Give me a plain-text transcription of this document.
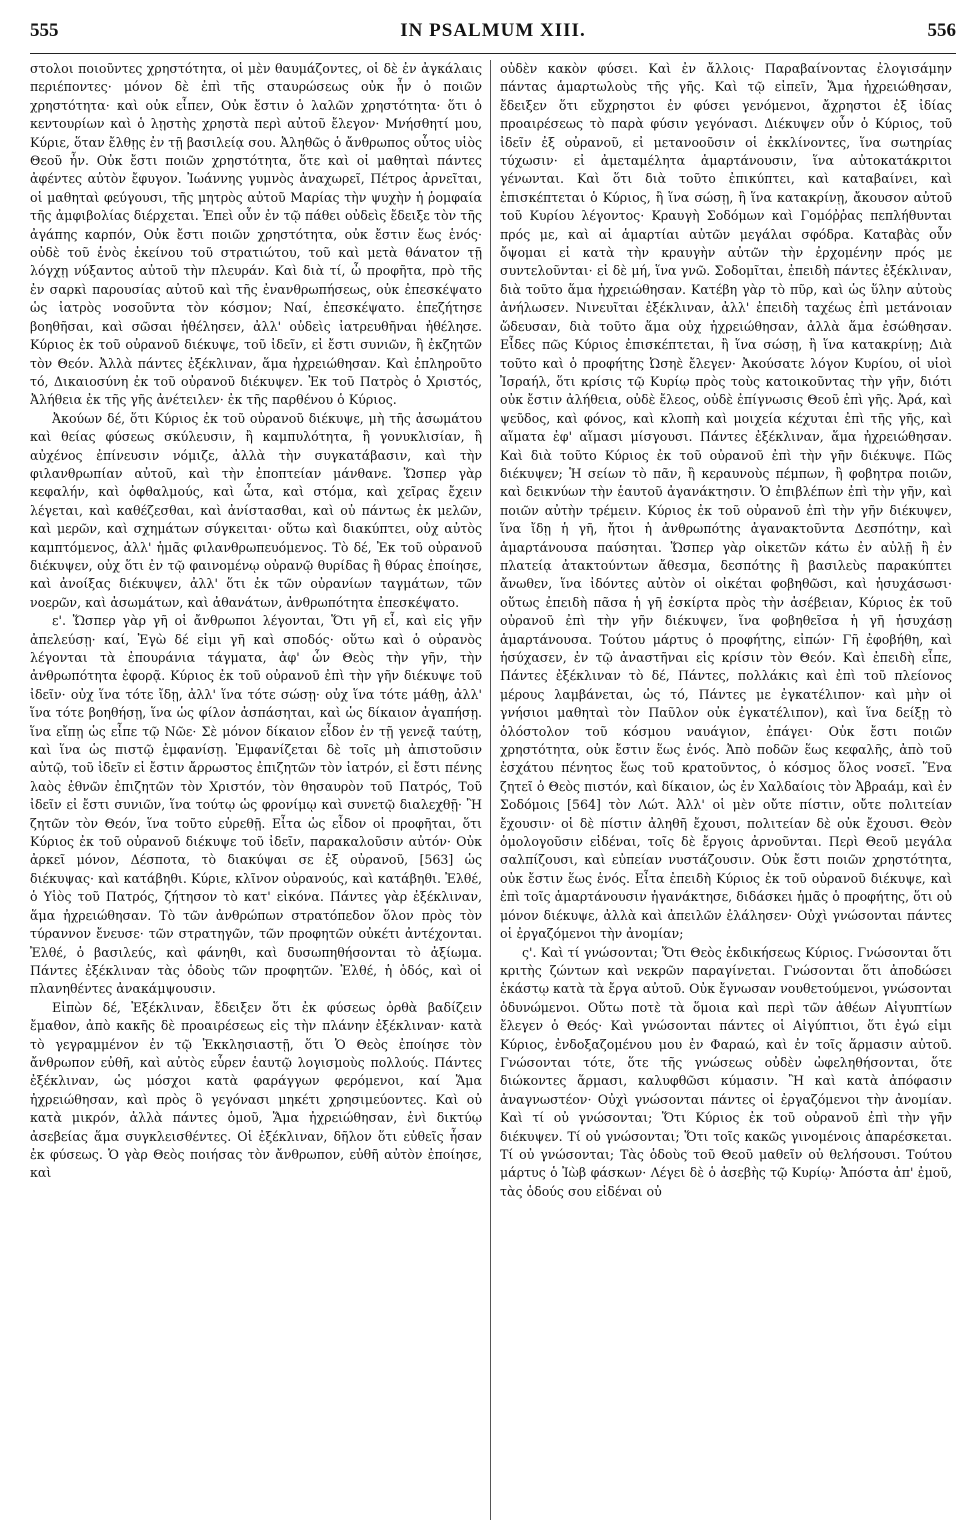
555	IN PSALMUM XIII.	556

στολοι ποιοῦντες χρηστότητα, οἱ μὲν θαυμάζοντες, οἱ δὲ ἐν ἀγκάλαις περιέποντες· μόνον δὲ ἐπὶ τῆς σταυρώσεως οὐκ ἦν ὁ ποιῶν χρηστότητα· καὶ οὐκ εἶπεν, Οὐκ ἔστιν ὁ λαλῶν χρηστότητα· ὅτι ὁ κεντουρίων καὶ ὁ λῃστὴς χρηστὰ περὶ αὐτοῦ ἔλεγον· Μνήσθητί μου, Κύριε, ὅταν ἔλθῃς ἐν τῇ βασιλείᾳ σου. Ἀληθῶς ὁ ἄνθρωπος οὗτος υἱὸς Θεοῦ ἦν. Οὐκ ἔστι ποιῶν χρηστότητα, ὅτε καὶ οἱ μαθηταὶ πάντες ἀφέντες αὐτὸν ἔφυγον. Ἰωάννης γυμνὸς ἀναχωρεῖ, Πέτρος ἀρνεῖται, οἱ μαθηταὶ φεύγουσι, τῆς μητρὸς αὐτοῦ Μαρίας τὴν ψυχὴν ἡ ῥομφαία τῆς ἀμφιβολίας διέρχεται. Ἐπεὶ οὖν ἐν τῷ πάθει οὐδεὶς ἔδειξε τὸν τῆς ἀγάπης καρπόν, Οὐκ ἔστι ποιῶν χρηστότητα, οὐκ ἔστιν ἕως ἑνός· οὐδὲ τοῦ ἑνὸς ἐκείνου τοῦ στρατιώτου, τοῦ καὶ μετὰ θάνατον τῇ λόγχῃ νύξαντος αὐτοῦ τὴν πλευράν. Καὶ διὰ τί, ὦ προφῆτα, πρὸ τῆς ἐν σαρκὶ παρουσίας αὐτοῦ καὶ τῆς ἐνανθρωπήσεως, οὐκ ἐπεσκέψατο ὡς ἰατρὸς νοσοῦντα τὸν κόσμον; Ναί, ἐπεσκέψατο. ἐπεζήτησε βοηθῆσαι, καὶ σῶσαι ἠθέλησεν, ἀλλ' οὐδεὶς ἰατρευθῆναι ἠθέλησε. Κύριος ἐκ τοῦ οὐρανοῦ διέκυψε, τοῦ ἰδεῖν, εἰ ἔστι συνιῶν, ἢ ἐκζητῶν τὸν Θεόν. Ἀλλὰ πάντες ἐξέκλιναν, ἅμα ἠχρειώθησαν. Καὶ ἐπληροῦτο τό, Δικαιοσύνη ἐκ τοῦ οὐρανοῦ διέκυψεν. Ἐκ τοῦ Πατρὸς ὁ Χριστός, Ἀλήθεια ἐκ τῆς γῆς ἀνέτειλεν· ἐκ τῆς παρθένου ὁ Κύριος.

Ἀκούων δέ, ὅτι Κύριος ἐκ τοῦ οὐρανοῦ διέκυψε, μὴ τῆς ἀσωμάτου καὶ θείας φύσεως σκύλευσιν, ἢ καμπυλότητα, ἢ γονυκλισίαν, ἢ αὐχένος ἐπίνευσιν νόμιζε, ἀλλὰ τὴν συγκατάβασιν, καὶ τὴν φιλανθρωπίαν αὐτοῦ, καὶ τὴν ἐποπτείαν μάνθανε. Ὥσπερ γὰρ κεφαλήν, καὶ ὀφθαλμούς, καὶ ὦτα, καὶ στόμα, καὶ χεῖρας ἔχειν λέγεται, καὶ καθέζεσθαι, καὶ ἀνίστασθαι, καὶ οὐ πάντως ἐκ μελῶν, καὶ μερῶν, καὶ σχημάτων σύγκειται· οὕτω καὶ διακύπτει, οὐχ αὐτὸς καμπτόμενος, ἀλλ' ἡμᾶς φιλανθρωπευόμενος. Τὸ δέ, Ἐκ τοῦ οὐρανοῦ διέκυψεν, οὐχ ὅτι ἐν τῷ φαινομένῳ οὐρανῷ θυρίδας ἢ θύρας ἐποίησε, καὶ ἀνοίξας διέκυψεν, ἀλλ' ὅτι ἐκ τῶν οὐρανίων ταγμάτων, τῶν νοερῶν, καὶ ἀσωμάτων, καὶ ἀθανάτων, ἀνθρωπότητα ἐπεσκέψατο.

ε'. Ὥσπερ γὰρ γῆ οἱ ἄνθρωποι λέγονται, Ὅτι γῆ εἶ, καὶ εἰς γῆν ἀπελεύσῃ· καί, Ἐγὼ δέ εἰμι γῆ καὶ σποδός· οὕτω καὶ ὁ οὐρανὸς λέγονται τὰ ἐπουράνια τάγματα, ἀφ' ὧν Θεὸς τὴν γῆν, τὴν ἀνθρωπότητα ἐφορᾷ. Κύριος ἐκ τοῦ οὐρανοῦ ἐπὶ τὴν γῆν διέκυψε τοῦ ἰδεῖν· οὐχ ἵνα τότε ἴδῃ, ἀλλ' ἵνα τότε σώσῃ· οὐχ ἵνα τότε μάθῃ, ἀλλ' ἵνα τότε βοηθήσῃ, ἵνα ὡς φίλον ἀσπάσηται, καὶ ὡς δίκαιον ἀγαπήσῃ. ἵνα εἴπῃ ὡς εἶπε τῷ Νῶε· Σὲ μόνον δίκαιον εἶδον ἐν τῇ γενεᾷ ταύτῃ, καὶ ἵνα ὡς πιστῷ ἐμφανίσῃ. Ἐμφανίζεται δὲ τοῖς μὴ ἀπιστοῦσιν αὐτῷ, τοῦ ἰδεῖν εἰ ἔστιν ἄρρωστος ἐπιζητῶν τὸν ἰατρόν, εἰ ἔστι πένης λαὸς ἐθνῶν ἐπιζητῶν τὸν Χριστόν, τὸν θησαυρὸν τοῦ Πατρός, Τοῦ ἰδεῖν εἰ ἔστι συνιῶν, ἵνα τούτῳ ὡς φρονίμῳ καὶ συνετῷ διαλεχθῇ· Ἢ ζητῶν τὸν Θεόν, ἵνα τοῦτο εὑρεθῇ. Εἶτα ὡς εἶδον οἱ προφῆται, ὅτι Κύριος ἐκ τοῦ οὐρανοῦ διέκυψε τοῦ ἰδεῖν, παρακαλοῦσιν αὐτόν· Οὐκ ἀρκεῖ μόνον, Δέσποτα, τὸ διακύψαι σε ἐξ οὐρανοῦ, [563] ὡς διέκυψας· καὶ κατάβηθι. Κύριε, κλῖνον οὐρανούς, καὶ κατάβηθι. Ἐλθέ, ὁ Υἱὸς τοῦ Πατρός, ζήτησον τὸ κατ' εἰκόνα. Πάντες γὰρ ἐξέκλιναν, ἅμα ἠχρειώθησαν. Τὸ τῶν ἀνθρώπων στρατόπεδον ὅλον πρὸς τὸν τύραννον ἔνευσε· τῶν στρατηγῶν, τῶν προφητῶν οὐκέτι ἀντέχονται. Ἐλθέ, ὁ βασιλεύς, καὶ φάνηθι, καὶ δυσωπηθήσονται τὸ ἀξίωμα. Πάντες ἐξέκλιναν τὰς ὁδοὺς τῶν προφητῶν. Ἐλθέ, ἡ ὁδός, καὶ οἱ πλανηθέντες ἀνακάμψουσιν.

Εἰπὼν δέ, Ἐξέκλιναν, ἔδειξεν ὅτι ἐκ φύσεως ὀρθὰ βαδίζειν ἔμαθον, ἀπὸ κακῆς δὲ προαιρέσεως εἰς τὴν πλάνην ἐξέκλιναν· κατὰ τὸ γεγραμμένον ἐν τῷ Ἐκκλησιαστῇ, ὅτι Ὁ Θεὸς ἐποίησε τὸν ἄνθρωπον εὐθῆ, καὶ αὐτὸς εὗρεν ἑαυτῷ λογισμοὺς πολλούς. Πάντες ἐξέκλιναν, ὡς μόσχοι κατὰ φαράγγων φερόμενοι, καί Ἅμα ἠχρειώθησαν, καὶ πρὸς ὃ γεγόνασι μηκέτι χρησιμεύοντες. Καὶ οὐ κατὰ μικρόν, ἀλλὰ πάντες ὁμοῦ, Ἅμα ἠχρειώθησαν, ἑνὶ δικτύῳ ἀσεβείας ἅμα συγκλεισθέντες. Οἱ ἐξέκλιναν, δῆλον ὅτι εὐθεῖς ἦσαν ἐκ φύσεως. Ὁ γὰρ Θεὸς ποιήσας τὸν ἄνθρωπον, εὐθῆ αὐτὸν ἐποίησε, καὶ

οὐδὲν κακὸν φύσει. Καὶ ἐν ἄλλοις· Παραβαίνοντας ἐλογισάμην πάντας ἁμαρτωλοὺς τῆς γῆς. Καὶ τῷ εἰπεῖν, Ἅμα ἠχρειώθησαν, ἔδειξεν ὅτι εὔχρηστοι ἐν φύσει γενόμενοι, ἄχρηστοι ἐξ ἰδίας προαιρέσεως τὸ παρὰ φύσιν γεγόνασι. Διέκυψεν οὖν ὁ Κύριος, τοῦ ἰδεῖν ἐξ οὐρανοῦ, εἰ μετανοοῦσιν οἱ ἐκκλίνοντες, ἵνα σωτηρίας τύχωσιν· εἰ ἀμεταμέλητα ἁμαρτάνουσιν, ἵνα αὐτοκατάκριτοι γένωνται. Καὶ ὅτι διὰ τοῦτο ἐπικύπτει, καὶ καταβαίνει, καὶ ἐπισκέπτεται ὁ Κύριος, ἢ ἵνα σώσῃ, ἢ ἵνα κατακρίνῃ, ἄκουσον αὐτοῦ τοῦ Κυρίου λέγοντος· Κραυγὴ Σοδόμων καὶ Γομόῤῥας πεπλήθυνται πρός με, καὶ αἱ ἁμαρτίαι αὐτῶν μεγάλαι σφόδρα. Καταβὰς οὖν ὄψομαι εἰ κατὰ τὴν κραυγὴν αὐτῶν τὴν ἐρχομένην πρός με συντελοῦνται· εἰ δὲ μή, ἵνα γνῶ. Σοδομῖται, ἐπειδὴ πάντες ἐξέκλιναν, διὰ τοῦτο ἅμα ἠχρειώθησαν. Κατέβη γὰρ τὸ πῦρ, καὶ ὡς ὕλην αὐτοὺς ἀνήλωσεν. Νινευῖται ἐξέκλιναν, ἀλλ' ἐπειδὴ ταχέως ἐπὶ μετάνοιαν ὥδευσαν, διὰ τοῦτο ἅμα οὐχ ἠχρειώθησαν, ἀλλὰ ἅμα ἐσώθησαν. Εἶδες πῶς Κύριος ἐπισκέπτεται, ἢ ἵνα σώσῃ, ἢ ἵνα κατακρίνῃ; Διὰ τοῦτο καὶ ὁ προφήτης Ὠσηὲ ἔλεγεν· Ἀκούσατε λόγον Κυρίου, οἱ υἱοὶ Ἰσραήλ, ὅτι κρίσις τῷ Κυρίῳ πρὸς τοὺς κατοικοῦντας τὴν γῆν, διότι οὐκ ἔστιν ἀλήθεια, οὐδὲ ἔλεος, οὐδὲ ἐπίγνωσις Θεοῦ ἐπὶ γῆς. Ἀρά, καὶ ψεῦδος, καὶ φόνος, καὶ κλοπὴ καὶ μοιχεία κέχυται ἐπὶ τῆς γῆς, καὶ αἵματα ἐφ' αἵμασι μίσγουσι. Πάντες ἐξέκλιναν, ἅμα ἠχρειώθησαν. Καὶ διὰ τοῦτο Κύριος ἐκ τοῦ οὐρανοῦ ἐπὶ τὴν γῆν διέκυψε. Πῶς διέκυψεν; Ἡ σείων τὸ πᾶν, ἢ κεραυνοὺς πέμπων, ἢ φοβητρα ποιῶν, καὶ δεικνύων τὴν ἑαυτοῦ ἀγανάκτησιν. Ὁ ἐπιβλέπων ἐπὶ τὴν γῆν, καὶ ποιῶν αὐτὴν τρέμειν. Κύριος ἐκ τοῦ οὐρανοῦ ἐπὶ τὴν γῆν διέκυψεν, ἵνα ἴδῃ ἡ γῆ, ἤτοι ἡ ἀνθρωπότης ἀγανακτοῦντα Δεσπότην, καὶ ἁμαρτάνουσα παύσηται. Ὥσπερ γὰρ οἰκετῶν κάτω ἐν αὐλῇ ἢ ἐν πλατείᾳ ἀτακτούντων ἄθεσμα, δεσπότης ἢ βασιλεὺς παρακύπτει ἄνωθεν, ἵνα ἰδόντες αὐτὸν οἱ οἰκέται φοβηθῶσι, καὶ ἡσυχάσωσι· οὕτως ἐπειδὴ πᾶσα ἡ γῆ ἐσκίρτα πρὸς τὴν ἀσέβειαν, Κύριος ἐκ τοῦ οὐρανοῦ ἐπὶ τὴν γῆν διέκυψεν, ἵνα φοβηθεῖσα ἡ γῆ ἡσυχάσῃ ἁμαρτάνουσα. Τούτου μάρτυς ὁ προφήτης, εἰπών· Γῆ ἐφοβήθη, καὶ ἡσύχασεν, ἐν τῷ ἀναστῆναι εἰς κρίσιν τὸν Θεόν. Καὶ ἐπειδὴ εἶπε, Πάντες ἐξέκλιναν τὸ δέ, Πάντες, πολλάκις καὶ ἐπὶ τοῦ πλείονος μέρους λαμβάνεται, ὡς τό, Πάντες με ἐγκατέλιπον· καὶ μὴν οἱ γνήσιοι μαθηταὶ τὸν Παῦλον οὐκ ἐγκατέλιπον), καὶ ἵνα δείξῃ τὸ ὁλόστολον τοῦ κόσμου ναυάγιον, ἐπάγει· Οὐκ ἔστι ποιῶν χρηστότητα, οὐκ ἔστιν ἕως ἑνός. Ἀπὸ ποδῶν ἕως κεφαλῆς, ἀπὸ τοῦ ἐσχάτου πένητος ἕως τοῦ κρατοῦντος, ὁ κόσμος ὅλος νοσεῖ. Ἕνα ζητεῖ ὁ Θεὸς πιστόν, καὶ δίκαιον, ὡς ἐν Χαλδαίοις τὸν Ἀβραάμ, καὶ ἐν Σοδόμοις [564] τὸν Λώτ. Ἀλλ' οἱ μὲν οὔτε πίστιν, οὔτε πολιτείαν ἔχουσιν· οἱ δὲ πίστιν ἀληθῆ ἔχουσι, πολιτείαν δὲ οὐκ ἔχουσι. Θεὸν ὁμολογοῦσιν εἰδέναι, τοῖς δὲ ἔργοις ἀρνοῦνται. Περὶ Θεοῦ μεγάλα σαλπίζουσι, καὶ εὐπείαν νυστάζουσιν. Οὐκ ἔστι ποιῶν χρηστότητα, οὐκ ἔστιν ἕως ἑνός. Εἶτα ἐπειδὴ Κύριος ἐκ τοῦ οὐρανοῦ διέκυψε, καὶ ἐπὶ τοῖς ἁμαρτάνουσιν ἠγανάκτησε, διδάσκει ἡμᾶς ὁ προφήτης, ὅτι οὐ μόνον διέκυψε, ἀλλὰ καὶ ἀπειλῶν ἐλάλησεν· Οὐχὶ γνώσονται πάντες οἱ ἐργαζόμενοι τὴν ἀνομίαν;

ς'. Καὶ τί γνώσονται; Ὅτι Θεὸς ἐκδικήσεως Κύριος. Γνώσονται ὅτι κριτὴς ζώντων καὶ νεκρῶν παραγίνεται. Γνώσονται ὅτι ἀποδώσει ἑκάστῳ κατὰ τὰ ἔργα αὐτοῦ. Οὐκ ἔγνωσαν νουθετούμενοι, γνώσονται ὀδυνώμενοι. Οὕτω ποτὲ τὰ ὅμοια καὶ περὶ τῶν ἀθέων Αἰγυπτίων ἔλεγεν ὁ Θεός· Καὶ γνώσονται πάντες οἱ Αἰγύπτιοι, ὅτι ἐγώ εἰμι Κύριος, ἐνδοξαζομένου μου ἐν Φαραώ, καὶ ἐν τοῖς ἅρμασιν αὐτοῦ. Γνώσονται τότε, ὅτε τῆς γνώσεως οὐδὲν ὠφεληθήσονται, ὅτε διώκοντες ἅρμασι, καλυφθῶσι κύμασιν. Ἢ καὶ κατὰ ἀπόφασιν ἀναγνωστέον· Οὐχὶ γνώσονται πάντες οἱ ἐργαζόμενοι τὴν ἀνομίαν. Καὶ τί οὐ γνώσονται; Ὅτι Κύριος ἐκ τοῦ οὐρανοῦ ἐπὶ τὴν γῆν διέκυψεν. Τί οὐ γνώσονται; Ὅτι τοῖς κακῶς γινομένοις ἀπαρέσκεται. Τί οὐ γνώσονται; Τὰς ὁδοὺς τοῦ Θεοῦ μαθεῖν οὐ θελήσουσι. Τούτου μάρτυς ὁ Ἰὼβ φάσκων· Λέγει δὲ ὁ ἀσεβὴς τῷ Κυρίῳ· Ἀπόστα ἀπ' ἐμοῦ, τὰς ὁδούς σου εἰδέναι οὐ
